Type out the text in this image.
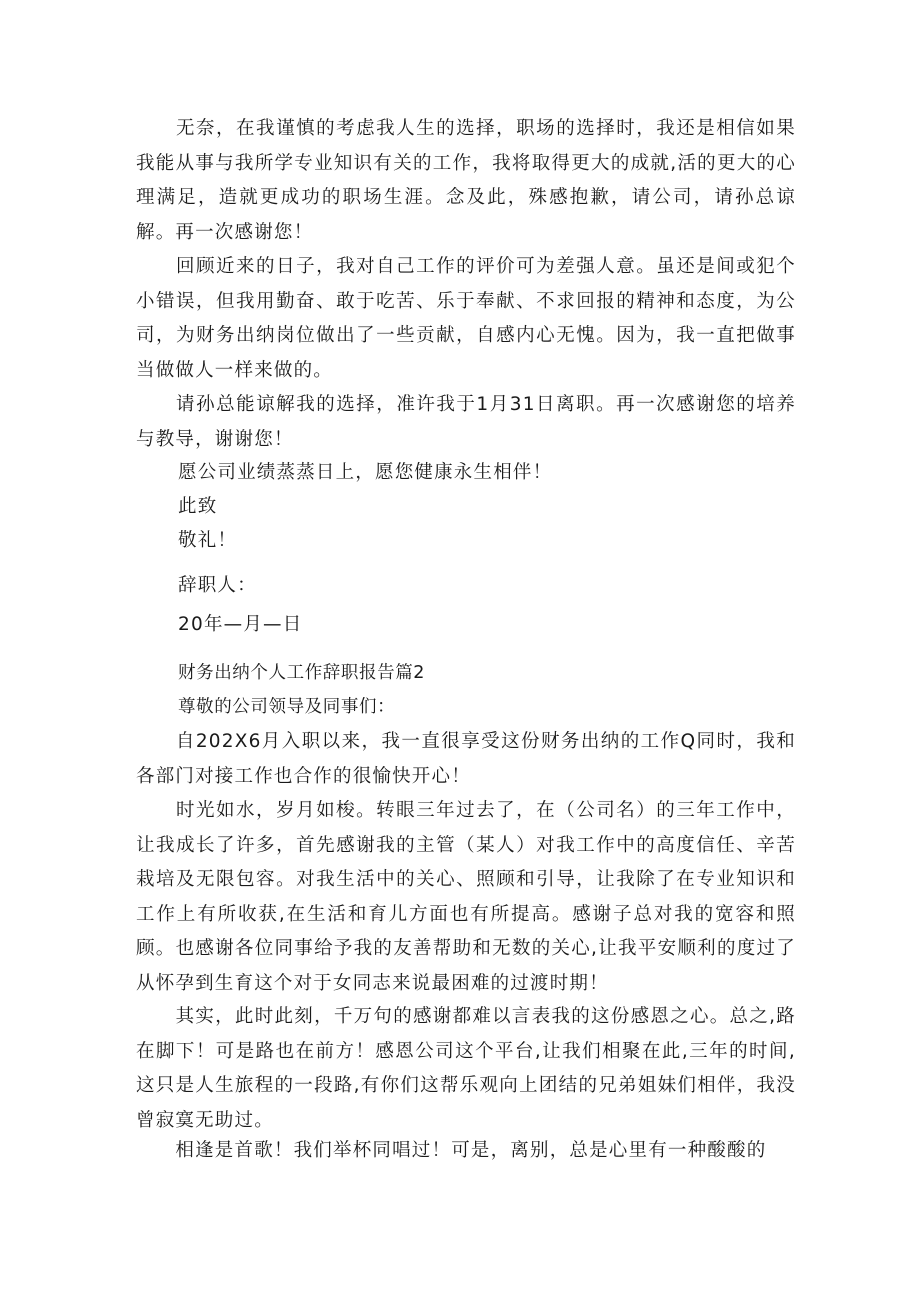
　　无奈，在我谨慎的考虑我人生的选择，职场的选择时，我还是相信如果我能从事与我所学专业知识有关的工作，我将取得更大的成就,活的更大的心理满足，造就更成功的职场生涯。念及此，殊感抱歉，请公司，请孙总谅解。再一次感谢您！

　　回顾近来的日子，我对自己工作的评价可为差强人意。虽还是间或犯个小错误，但我用勤奋、敢于吃苦、乐于奉献、不求回报的精神和态度，为公司，为财务出纳岗位做出了一些贡献，自感内心无愧。因为，我一直把做事当做做人一样来做的。

　　请孙总能谅解我的选择，准许我于1月31日离职。再一次感谢您的培养与教导，谢谢您！

愿公司业绩蒸蒸日上，愿您健康永生相伴！

此致

敬礼！

辞职人：

20年—月—日

财务出纳个人工作辞职报告篇2

尊敬的公司领导及同事们：

　　自202X6月入职以来，我一直很享受这份财务出纳的工作Q同时，我和各部门对接工作也合作的很愉快开心！

　　时光如水，岁月如梭。转眼三年过去了，在（公司名）的三年工作中，让我成长了许多，首先感谢我的主管（某人）对我工作中的高度信任、辛苦栽培及无限包容。对我生活中的关心、照顾和引导，让我除了在专业知识和工作上有所收获,在生活和育儿方面也有所提高。感谢子总对我的宽容和照顾。也感谢各位同事给予我的友善帮助和无数的关心,让我平安顺利的度过了从怀孕到生育这个对于女同志来说最困难的过渡时期！

　　其实，此时此刻，千万句的感谢都难以言表我的这份感恩之心。总之,路在脚下！可是路也在前方！感恩公司这个平台,让我们相聚在此,三年的时间,这只是人生旅程的一段路,有你们这帮乐观向上团结的兄弟姐妹们相伴，我没曾寂寞无助过。

　　相逢是首歌！我们举杯同唱过！可是，离别，总是心里有一种酸酸的
